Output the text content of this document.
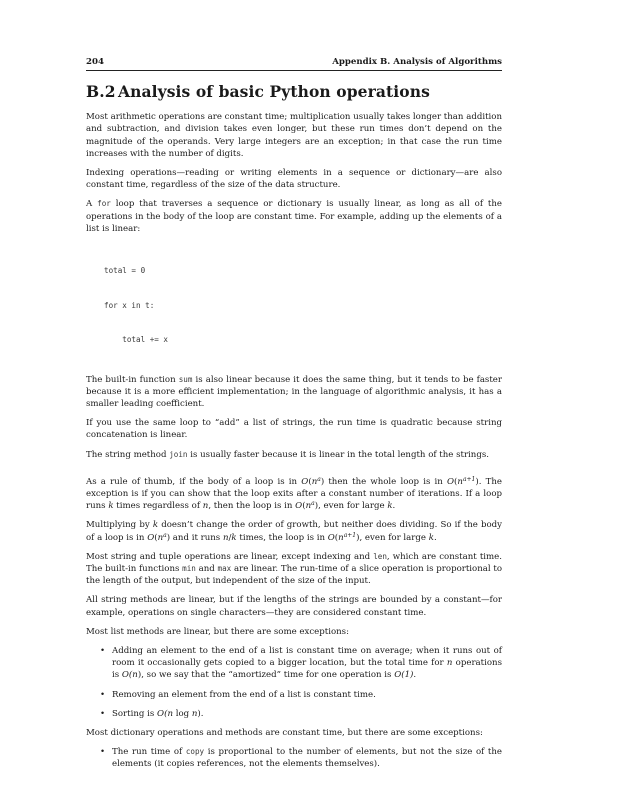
204	Appendix B. Analysis of Algorithms
B.2 Analysis of basic Python operations

Most arithmetic operations are constant time; multiplication usually takes longer than addition and subtraction, and division takes even longer, but these run times don’t depend on the magnitude of the operands. Very large integers are an exception; in that case the run time increases with the number of digits.

Indexing operations—reading or writing elements in a sequence or dictionary—are also constant time, regardless of the size of the data structure.

A for loop that traverses a sequence or dictionary is usually linear, as long as all of the operations in the body of the loop are constant time. For example, adding up the elements of a list is linear:

total = 0

for x in t:

total += x

The built-in function sum is also linear because it does the same thing, but it tends to be faster because it is a more efficient implementation; in the language of algorithmic analysis, it has a smaller leading coefficient.

If you use the same loop to “add” a list of strings, the run time is quadratic because string concatenation is linear.

The string method join is usually faster because it is linear in the total length of the strings.

As a rule of thumb, if the body of a loop is in $O(n^a)$ then the whole loop is in $O(n^{a+1})$. The exception is if you can show that the loop exits after a constant number of iterations. If a loop runs k times regardless of n, then the loop is in $O(n^a)$, even for large k.

Multiplying by k doesn’t change the order of growth, but neither does dividing. So if the body of a loop is in $O(n^a)$ and it runs n/k times, the loop is in $O(n^{a+1})$, even for large k.

Most string and tuple operations are linear, except indexing and len, which are constant time. The built-in functions min and max are linear. The run-time of a slice operation is proportional to the length of the output, but independent of the size of the input.

All string methods are linear, but if the lengths of the strings are bounded by a constant—for example, operations on single characters—they are considered constant time.

Most list methods are linear, but there are some exceptions:

• Adding an element to the end of a list is constant time on average; when it runs out of room it occasionally gets copied to a bigger location, but the total time for n operations is O(n), so we say that the “amortized” time for one operation is O(1).
• Removing an element from the end of a list is constant time.
• Sorting is O(n log n).

Most dictionary operations and methods are constant time, but there are some exceptions:

• The run time of copy is proportional to the number of elements, but not the size of the elements (it copies references, not the elements themselves).
